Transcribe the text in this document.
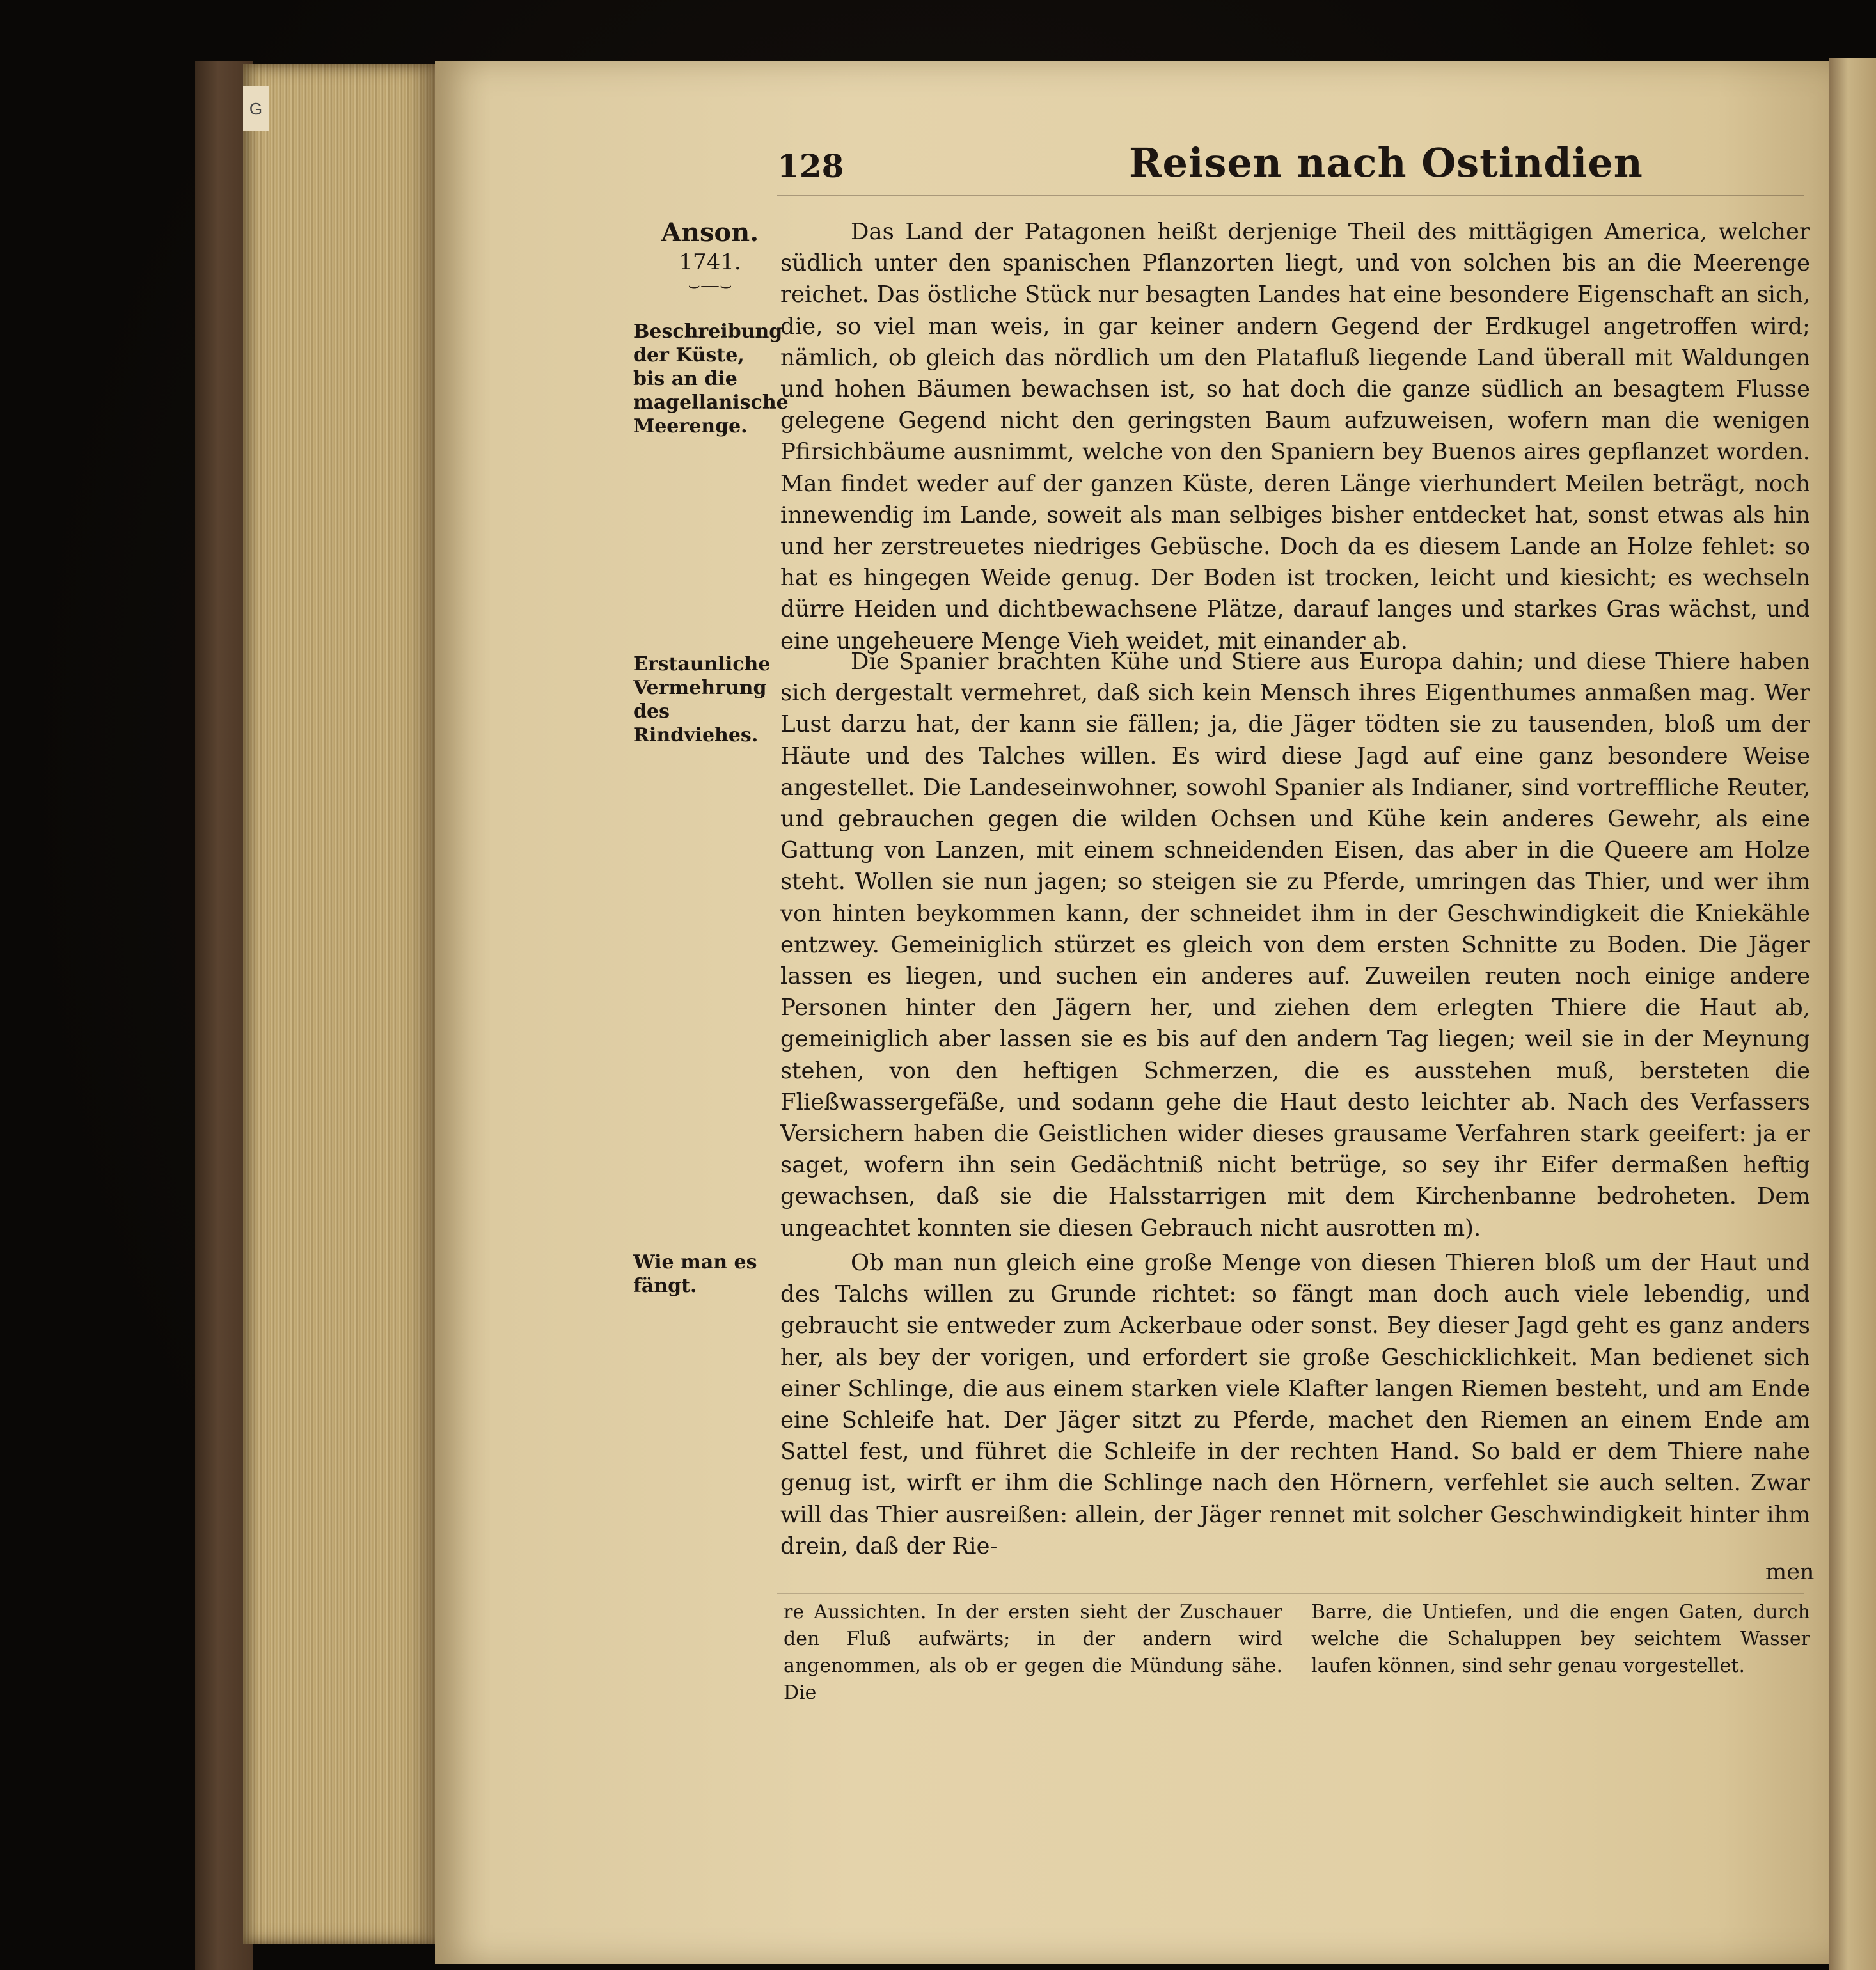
G
128	Reisen nach Ostindien
Anson.
1741.
⌣—⌣
Beschreibung der Küste, bis an die magellanische Meerenge.
Erstaunliche Vermehrung des Rindviehes.
Wie man es fängt.

Das Land der Patagonen heißt derjenige Theil des mittägigen America, welcher südlich unter den spanischen Pflanzorten liegt, und von solchen bis an die Meerenge reichet. Das östliche Stück nur besagten Landes hat eine besondere Eigenschaft an sich, die, so viel man weis, in gar keiner andern Gegend der Erdkugel angetroffen wird; nämlich, ob gleich das nördlich um den Platafluß liegende Land überall mit Waldungen und hohen Bäumen bewachsen ist, so hat doch die ganze südlich an besagtem Flusse gelegene Gegend nicht den geringsten Baum aufzuweisen, wofern man die wenigen Pfirsichbäume ausnimmt, welche von den Spaniern bey Buenos aires gepflanzet worden. Man findet weder auf der ganzen Küste, deren Länge vierhundert Meilen beträgt, noch innewendig im Lande, soweit als man selbiges bisher entdecket hat, sonst etwas als hin und her zerstreuetes niedriges Gebüsche. Doch da es diesem Lande an Holze fehlet: so hat es hingegen Weide genug. Der Boden ist trocken, leicht und kiesicht; es wechseln dürre Heiden und dichtbewachsene Plätze, darauf langes und starkes Gras wächst, und eine ungeheuere Menge Vieh weidet, mit einander ab.

Die Spanier brachten Kühe und Stiere aus Europa dahin; und diese Thiere haben sich dergestalt vermehret, daß sich kein Mensch ihres Eigenthumes anmaßen mag. Wer Lust darzu hat, der kann sie fällen; ja, die Jäger tödten sie zu tausenden, bloß um der Häute und des Talches willen. Es wird diese Jagd auf eine ganz besondere Weise angestellet. Die Landeseinwohner, sowohl Spanier als Indianer, sind vortreffliche Reuter, und gebrauchen gegen die wilden Ochsen und Kühe kein anderes Gewehr, als eine Gattung von Lanzen, mit einem schneidenden Eisen, das aber in die Queere am Holze steht. Wollen sie nun jagen; so steigen sie zu Pferde, umringen das Thier, und wer ihm von hinten beykommen kann, der schneidet ihm in der Geschwindigkeit die Kniekähle entzwey. Gemeiniglich stürzet es gleich von dem ersten Schnitte zu Boden. Die Jäger lassen es liegen, und suchen ein anderes auf. Zuweilen reuten noch einige andere Personen hinter den Jägern her, und ziehen dem erlegten Thiere die Haut ab, gemeiniglich aber lassen sie es bis auf den andern Tag liegen; weil sie in der Meynung stehen, von den heftigen Schmerzen, die es ausstehen muß, bersteten die Fließwassergefäße, und sodann gehe die Haut desto leichter ab. Nach des Verfassers Versichern haben die Geistlichen wider dieses grausame Verfahren stark geeifert: ja er saget, wofern ihn sein Gedächtniß nicht betrüge, so sey ihr Eifer dermaßen heftig gewachsen, daß sie die Halsstarrigen mit dem Kirchenbanne bedroheten. Dem ungeachtet konnten sie diesen Gebrauch nicht ausrotten m).

Ob man nun gleich eine große Menge von diesen Thieren bloß um der Haut und des Talchs willen zu Grunde richtet: so fängt man doch auch viele lebendig, und gebraucht sie entweder zum Ackerbaue oder sonst. Bey dieser Jagd geht es ganz anders her, als bey der vorigen, und erfordert sie große Geschicklichkeit. Man bedienet sich einer Schlinge, die aus einem starken viele Klafter langen Riemen besteht, und am Ende eine Schleife hat. Der Jäger sitzt zu Pferde, machet den Riemen an einem Ende am Sattel fest, und führet die Schleife in der rechten Hand. So bald er dem Thiere nahe genug ist, wirft er ihm die Schlinge nach den Hörnern, verfehlet sie auch selten. Zwar will das Thier ausreißen: allein, der Jäger rennet mit solcher Geschwindigkeit hinter ihm drein, daß der Rie-

men

re Aussichten. In der ersten sieht der Zuschauer den Fluß aufwärts; in der andern wird angenommen, als ob er gegen die Mündung sähe. Die

Barre, die Untiefen, und die engen Gaten, durch welche die Schaluppen bey seichtem Wasser laufen können, sind sehr genau vorgestellet.
